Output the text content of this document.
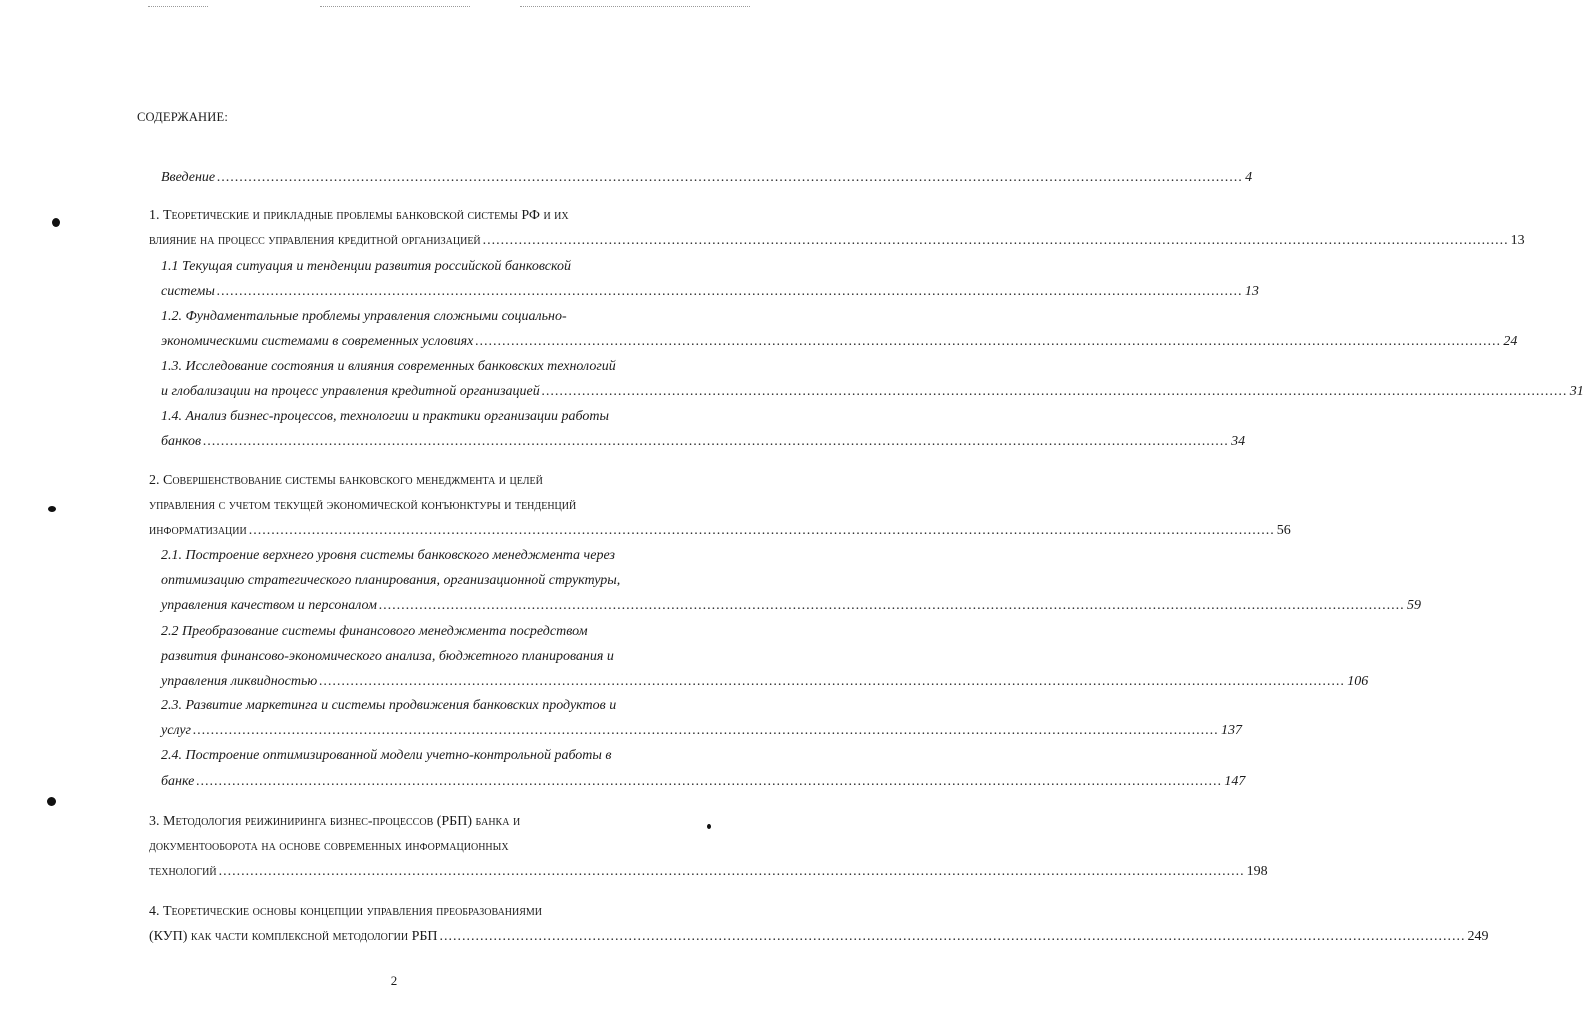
СОДЕРЖАНИЕ:
Введение .................................................................................................................................................................................................................................... 4
1. Теоретические и прикладные проблемы банковской системы РФ и их
влияние на процесс управления кредитной организацией .................................................................................................................................................................................................................................... 13
1.1 Текущая ситуация и тенденции развития российской банковской
системы .................................................................................................................................................................................................................................... 13
1.2. Фундаментальные проблемы управления сложными социально-
экономическими системами в современных условиях .................................................................................................................................................................................................................................... 24
1.3. Исследование состояния и влияния современных банковских технологий
и глобализации на процесс управления кредитной организацией .................................................................................................................................................................................................................................... 31
1.4. Анализ бизнес-процессов, технологии и практики организации работы
банков .................................................................................................................................................................................................................................... 34
2. Совершенствование системы банковского менеджмента и целей
управления с учетом текущей экономической конъюнктуры и тенденций
информатизации .................................................................................................................................................................................................................................... 56
2.1. Построение верхнего уровня системы банковского менеджмента через
оптимизацию стратегического планирования, организационной структуры,
управления качеством и персоналом .................................................................................................................................................................................................................................... 59
2.2 Преобразование системы финансового менеджмента посредством
развития финансово-экономического анализа, бюджетного планирования и
управления ликвидностью .................................................................................................................................................................................................................................... 106
2.3. Развитие маркетинга и системы продвижения банковских продуктов и
услуг .................................................................................................................................................................................................................................... 137
2.4. Построение оптимизированной модели учетно-контрольной работы в
банке .................................................................................................................................................................................................................................... 147
3. Методология реижиниринга бизнес-процессов (РБП) банка и
документооборота на основе современных информационных
технологий .................................................................................................................................................................................................................................... 198
4. Теоретические основы концепции управления преобразованиями
(КУП) как части комплексной методологии РБП .................................................................................................................................................................................................................................... 249
2
